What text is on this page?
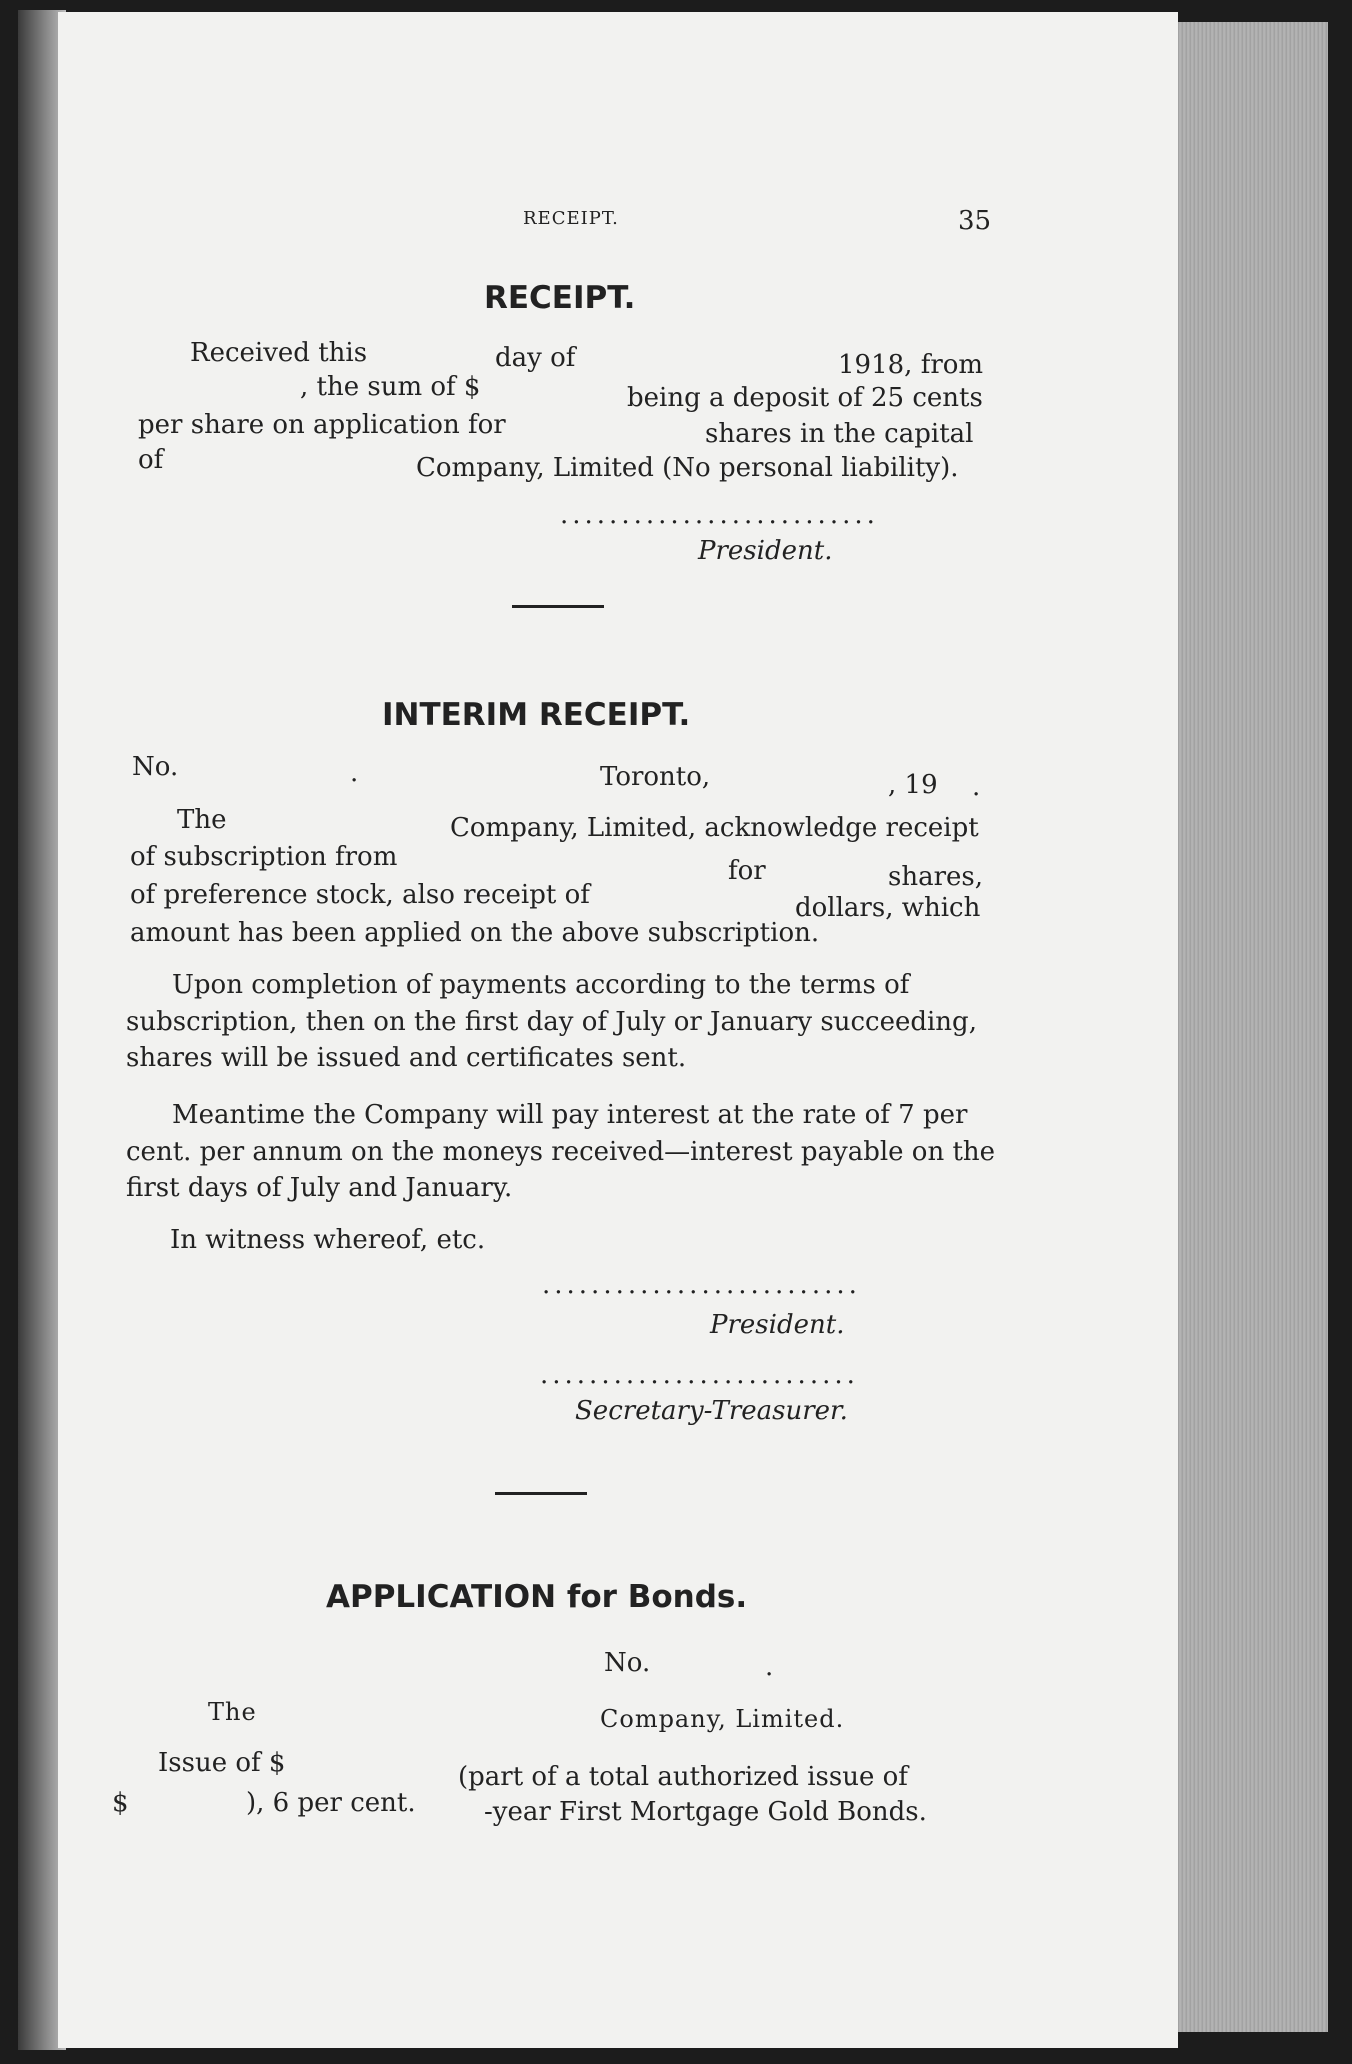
RECEIPT.	35
RECEIPT.
Received this	day of	1918, from
, the sum of $	being a deposit of 25 cents
per share on application for	shares in the capital
of	Company, Limited (No personal liability).
..........................
President.
INTERIM RECEIPT.
No.	.	Toronto,	, 19 .
The	Company, Limited, acknowledge receipt
of subscription from	for	shares,
of preference stock, also receipt of	dollars, which
amount has been applied on the above subscription.
Upon completion of payments according to the terms of
subscription, then on the first day of July or January succeeding,
shares will be issued and certificates sent.
Meantime the Company will pay interest at the rate of 7 per
cent. per annum on the moneys received—interest payable on the
first days of July and January.
In witness whereof, etc.
..........................
President.
..........................
Secretary-Treasurer.
APPLICATION for Bonds.
No.	.
The	Company, Limited.
Issue of $	(part of a total authorized issue of
$	), 6 per cent.	-year First Mortgage Gold Bonds.
